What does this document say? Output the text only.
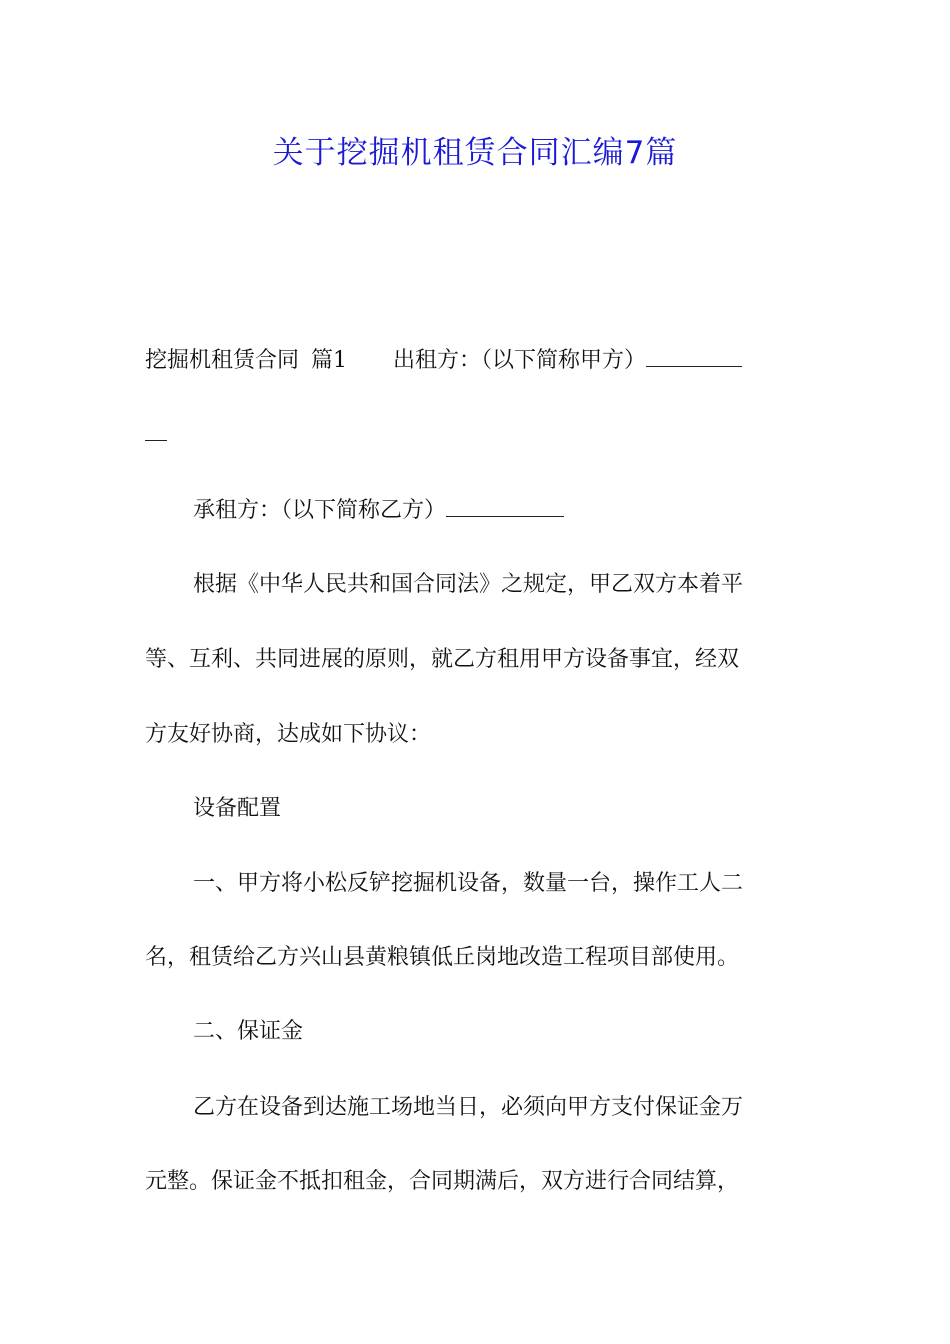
关于挖掘机租赁合同汇编7篇
挖掘机租赁合同 篇1 出租方：（以下简称甲方）
承租方：（以下简称乙方）
根据《中华人民共和国合同法》之规定，甲乙双方本着平
等、互利、共同进展的原则，就乙方租用甲方设备事宜，经双
方友好协商，达成如下协议：
设备配置
一、甲方将小松反铲挖掘机设备，数量一台，操作工人二
名，租赁给乙方兴山县黄粮镇低丘岗地改造工程项目部使用。
二、保证金
乙方在设备到达施工场地当日，必须向甲方支付保证金万
元整。保证金不抵扣租金，合同期满后，双方进行合同结算，
